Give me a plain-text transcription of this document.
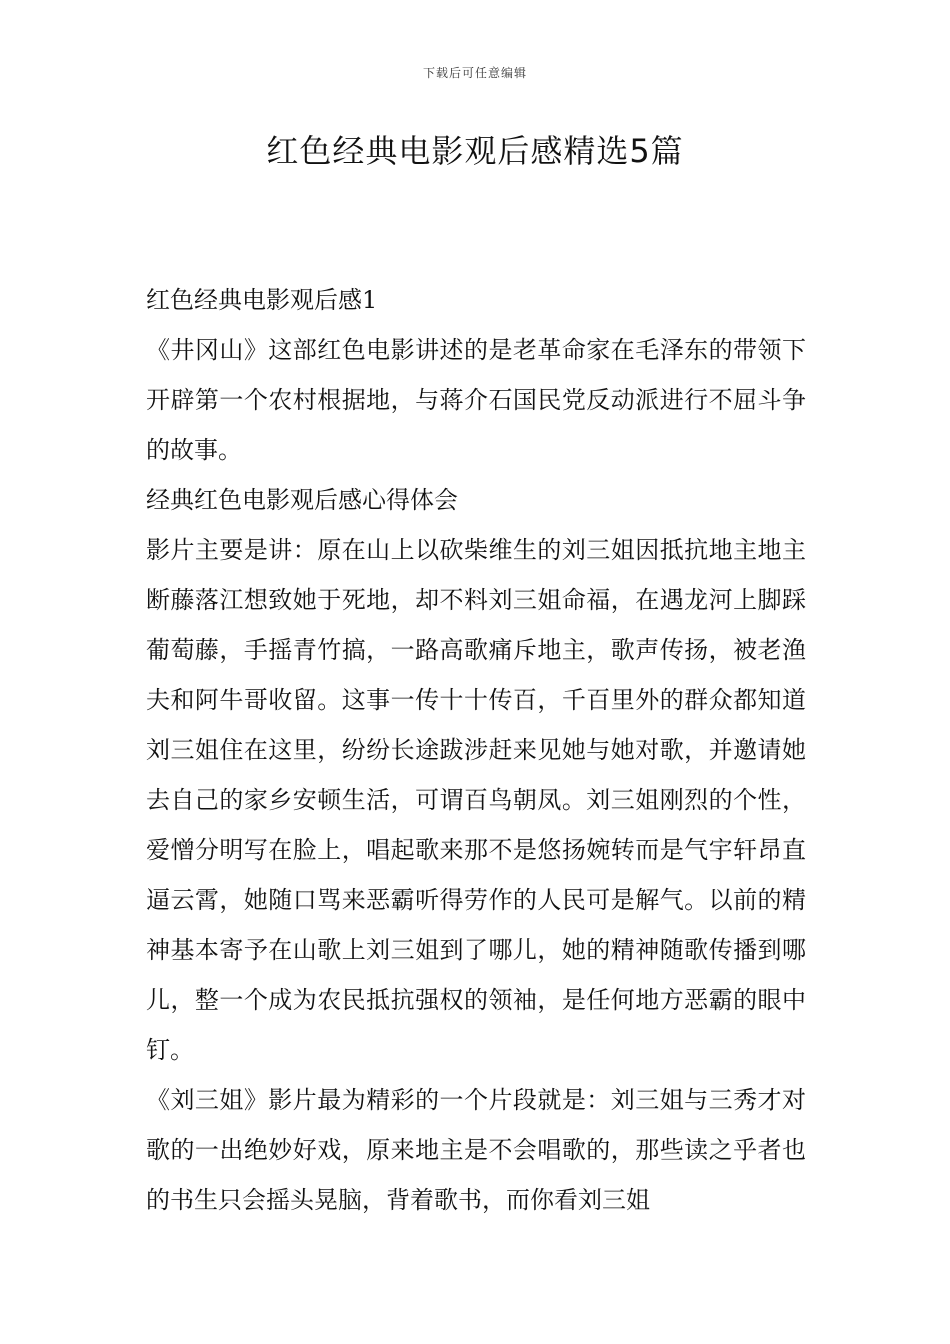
下载后可任意编辑
红色经典电影观后感精选5篇

红色经典电影观后感1

《井冈山》这部红色电影讲述的是老革命家在毛泽东的带领下开辟第一个农村根据地，与蒋介石国民党反动派进行不屈斗争的故事。

经典红色电影观后感心得体会

影片主要是讲：原在山上以砍柴维生的刘三姐因抵抗地主地主断藤落江想致她于死地，却不料刘三姐命福，在遇龙河上脚踩葡萄藤，手摇青竹搞，一路高歌痛斥地主，歌声传扬，被老渔夫和阿牛哥收留。这事一传十十传百，千百里外的群众都知道刘三姐住在这里，纷纷长途跋涉赶来见她与她对歌，并邀请她去自己的家乡安顿生活，可谓百鸟朝凤。刘三姐刚烈的个性，爱憎分明写在脸上，唱起歌来那不是悠扬婉转而是气宇轩昂直逼云霄，她随口骂来恶霸听得劳作的人民可是解气。以前的精神基本寄予在山歌上刘三姐到了哪儿，她的精神随歌传播到哪儿，整一个成为农民抵抗强权的领袖，是任何地方恶霸的眼中钉。

《刘三姐》影片最为精彩的一个片段就是：刘三姐与三秀才对歌的一出绝妙好戏，原来地主是不会唱歌的，那些读之乎者也的书生只会摇头晃脑，背着歌书，而你看刘三姐
